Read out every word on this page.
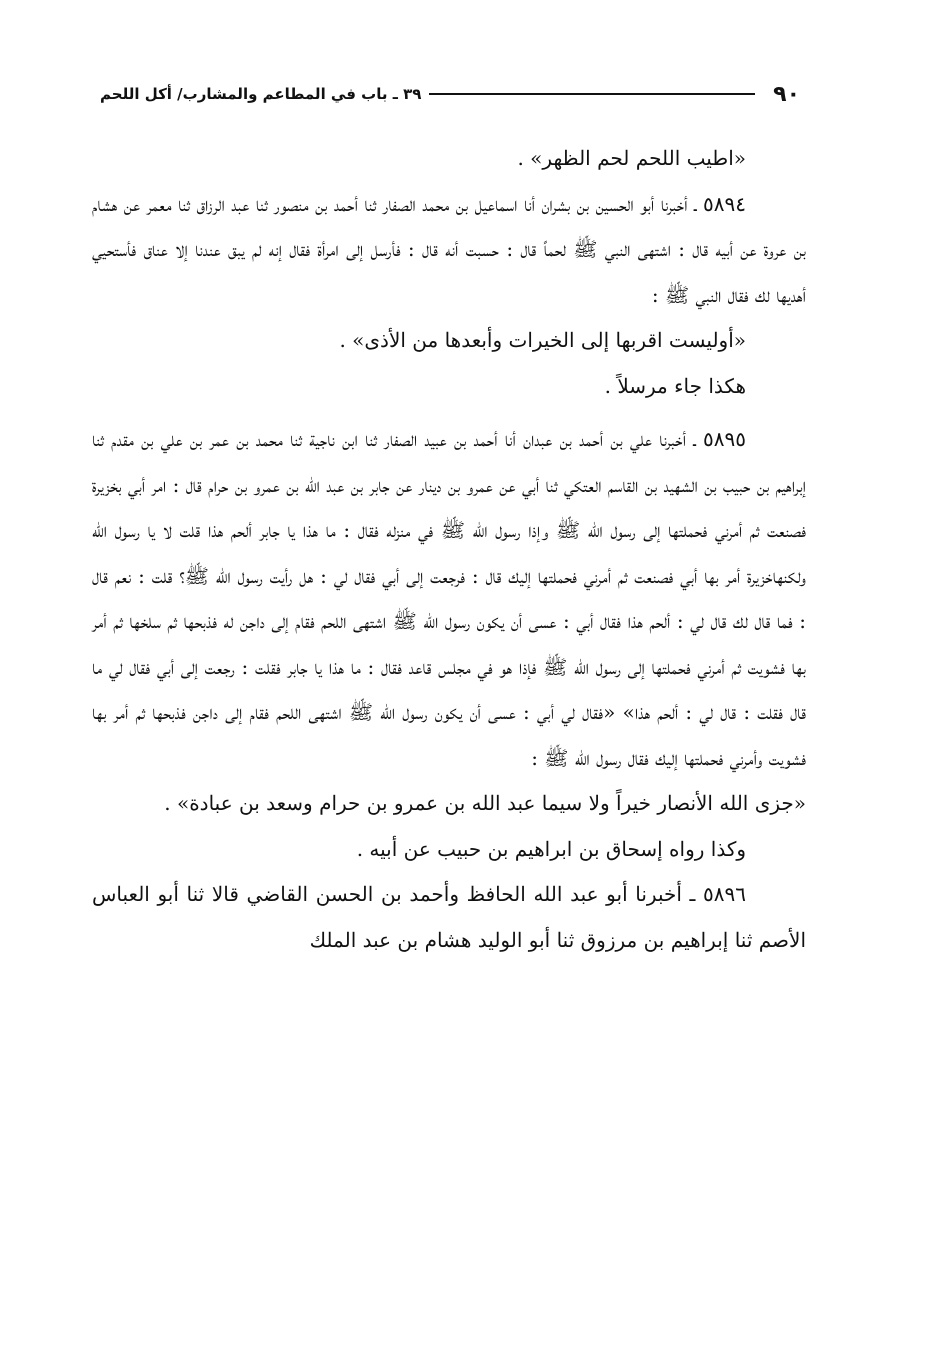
٩٠
٣٩ ـ باب في المطاعم والمشارب/ أكل اللحم

«اطيب اللحم لحم الظهر» .

٥٨٩٤ ـ أخبرنا أبو الحسين بن بشران أنا اسماعيل بن محمد الصفار ثنا أحمد بن منصور ثنا عبد الرزاق ثنا معمر عن هشام بن عروة عن أبيه قال : اشتهى النبي ﷺ لحماً قال : حسبت أنه قال : فأرسل إلى امرأة فقال إنه لم يبق عندنا إلا عناق فأستحيي أهديها لك فقال النبي ﷺ :

«أوليست اقربها إلى الخيرات وأبعدها من الأذى» .

هكذا جاء مرسلاً .

٥٨٩٥ ـ أخبرنا علي بن أحمد بن عبدان أنا أحمد بن عبيد الصفار ثنا ابن ناجية ثنا محمد بن عمر بن علي بن مقدم ثنا إبراهيم بن حبيب بن الشهيد بن القاسم العتكي ثنا أبي عن عمرو بن دينار عن جابر بن عبد الله بن عمرو بن حرام قال : امر أبي بخزيرة فصنعت ثم أمرني فحملتها إلى رسول الله ﷺ وإذا رسول الله ﷺ في منزله فقال : ما هذا يا جابر ألحم هذا قلت لا يا رسول الله ولكنهاخزيرة أمر بها أبي فصنعت ثم أمرني فحملتها إليك قال : فرجعت إلى أبي فقال لي : هل رأيت رسول الله ﷺ؟ قلت : نعم قال : فما قال لك قال لي : ألحم هذا فقال أبي : عسى أن يكون رسول الله ﷺ اشتهى اللحم فقام إلى داجن له فذبحها ثم سلخها ثم أمر بها فشويت ثم أمرني فحملتها إلى رسول الله ﷺ فإذا هو في مجلس قاعد فقال : ما هذا يا جابر فقلت : رجعت إلى أبي فقال لي ما قال فقلت : قال لي : ألحم هذا» «فقال لي أبي : عسى أن يكون رسول الله ﷺ اشتهى اللحم فقام إلى داجن فذبحها ثم أمر بها فشويت وأمرني فحملتها إليك فقال رسول الله ﷺ :

«جزى الله الأنصار خيراً ولا سيما عبد الله بن عمرو بن حرام وسعد بن عبادة» .

وكذا رواه إسحاق بن ابراهيم بن حبيب عن أبيه .

٥٨٩٦ ـ أخبرنا أبو عبد الله الحافظ وأحمد بن الحسن القاضي قالا ثنا أبو العباس الأصم ثنا إبراهيم بن مرزوق ثنا أبو الوليد هشام بن عبد الملك
